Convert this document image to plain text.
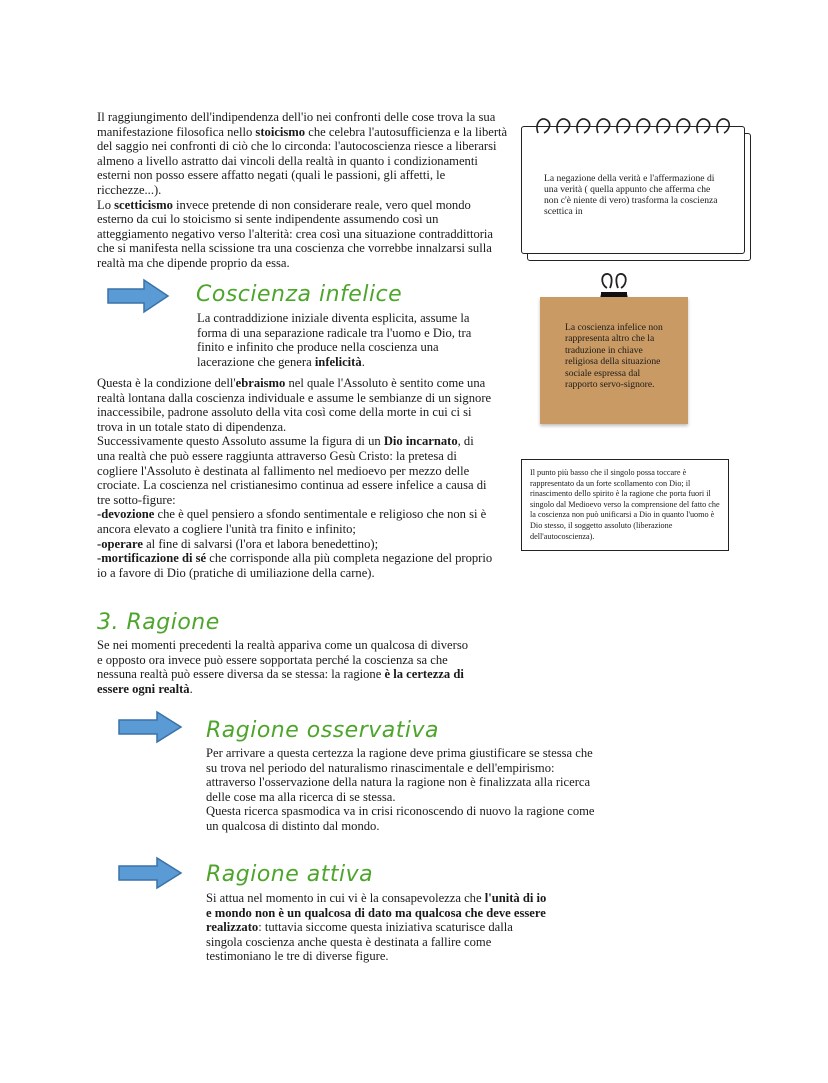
Il raggiungimento dell'indipendenza dell'io nei confronti delle cose trova la sua manifestazione filosofica nello stoicismo che celebra l'autosufficienza e la libertà del saggio nei confronti di ciò che lo circonda: l'autocoscienza riesce a liberarsi almeno a livello astratto dai vincoli della realtà in quanto i condizionamenti esterni non posso essere affatto negati (quali le passioni, gli affetti, le ricchezze...).

Lo scetticismo invece pretende di non considerare reale, vero quel mondo esterno da cui lo stoicismo si sente indipendente assumendo così un atteggiamento negativo verso l'alterità: crea così una situazione contraddittoria che si manifesta nella scissione tra una coscienza che vorrebbe innalzarsi sulla realtà ma che dipende proprio da essa.

La negazione della verità e l'affermazione di una verità ( quella appunto che afferma che non c'è niente di vero) trasforma la coscienza scettica in

Coscienza infelice

La contraddizione iniziale diventa esplicita, assume la forma di una separazione radicale tra l'uomo e Dio, tra finito e infinito che produce nella coscienza una lacerazione che genera infelicità.

Questa è la condizione dell'ebraismo nel quale l'Assoluto è sentito come una realtà lontana dalla coscienza individuale e assume le sembianze di un signore inaccessibile, padrone assoluto della vita così come della morte in cui ci si trova in un totale stato di dipendenza.

Successivamente questo Assoluto assume la figura di un Dio incarnato, di una realtà che può essere raggiunta attraverso Gesù Cristo: la pretesa di cogliere l'Assoluto è destinata al fallimento nel medioevo per mezzo delle crociate. La coscienza nel cristianesimo continua ad essere infelice a causa di tre sotto-figure:

-devozione che è quel pensiero a sfondo sentimentale e religioso che non si è ancora elevato a cogliere l'unità tra finito e infinito;

-operare al fine di salvarsi (l'ora et labora benedettino);

-mortificazione di sé che corrisponde alla più completa negazione del proprio io a favore di Dio (pratiche di umiliazione della carne).

La coscienza infelice non rappresenta altro che la traduzione in chiave religiosa della situazione sociale espressa dal rapporto servo-signore.

Il punto più basso che il singolo possa toccare è rappresentato da un forte scollamento con Dio; il rinascimento dello spirito è la ragione che porta fuori il singolo dal Medioevo verso la comprensione del fatto che la coscienza non può unificarsi a Dio in quanto l'uomo è Dio stesso, il soggetto assoluto (liberazione dell'autocoscienza).

3. Ragione

Se nei momenti precedenti la realtà appariva come un qualcosa di diverso e opposto ora invece può essere sopportata perché la coscienza sa che nessuna realtà può essere diversa da se stessa: la ragione è la certezza di essere ogni realtà.

Ragione osservativa

Per arrivare a questa certezza la ragione deve prima giustificare se stessa che su trova nel periodo del naturalismo rinascimentale e dell'empirismo: attraverso l'osservazione della natura la ragione non è finalizzata alla ricerca delle cose ma alla ricerca di se stessa.

Questa ricerca spasmodica va in crisi riconoscendo di nuovo la ragione come un qualcosa di distinto dal mondo.

Ragione attiva

Si attua nel momento in cui vi è la consapevolezza che l'unità di io e mondo non è un qualcosa di dato ma qualcosa che deve essere realizzato: tuttavia siccome questa iniziativa scaturisce dalla singola coscienza anche questa è destinata a fallire come testimoniano le tre di diverse figure.
